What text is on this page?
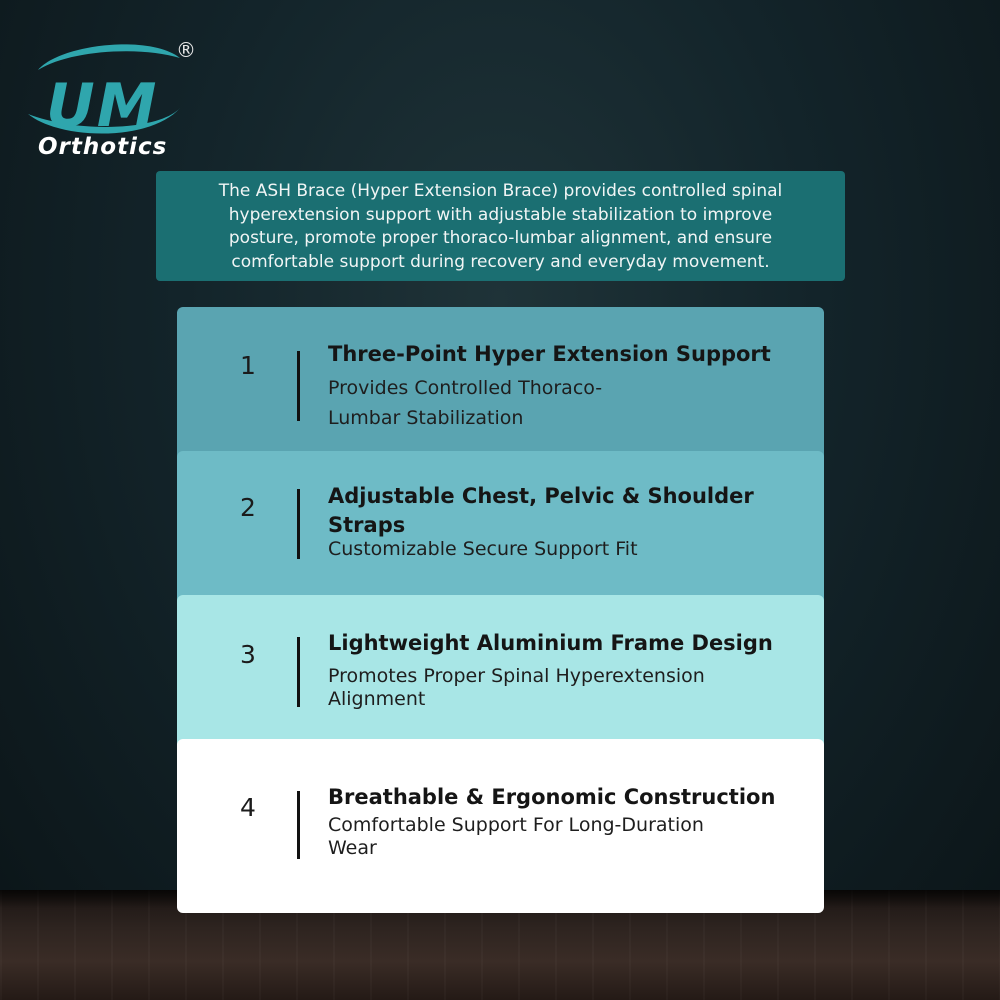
UM
®
Orthotics
The ASH Brace (Hyper Extension Brace) provides controlled spinal
hyperextension support with adjustable stabilization to improve
posture, promote proper thoraco-lumbar alignment, and ensure
comfortable support during recovery and everyday movement.
1	Three-Point Hyper Extension Support
Provides Controlled Thoraco-
Lumbar Stabilization
2	Adjustable Chest, Pelvic & Shoulder
Straps
Customizable Secure Support Fit
3	Lightweight Aluminium Frame Design
Promotes Proper Spinal Hyperextension
Alignment
4	Breathable & Ergonomic Construction
Comfortable Support For Long-Duration
Wear
